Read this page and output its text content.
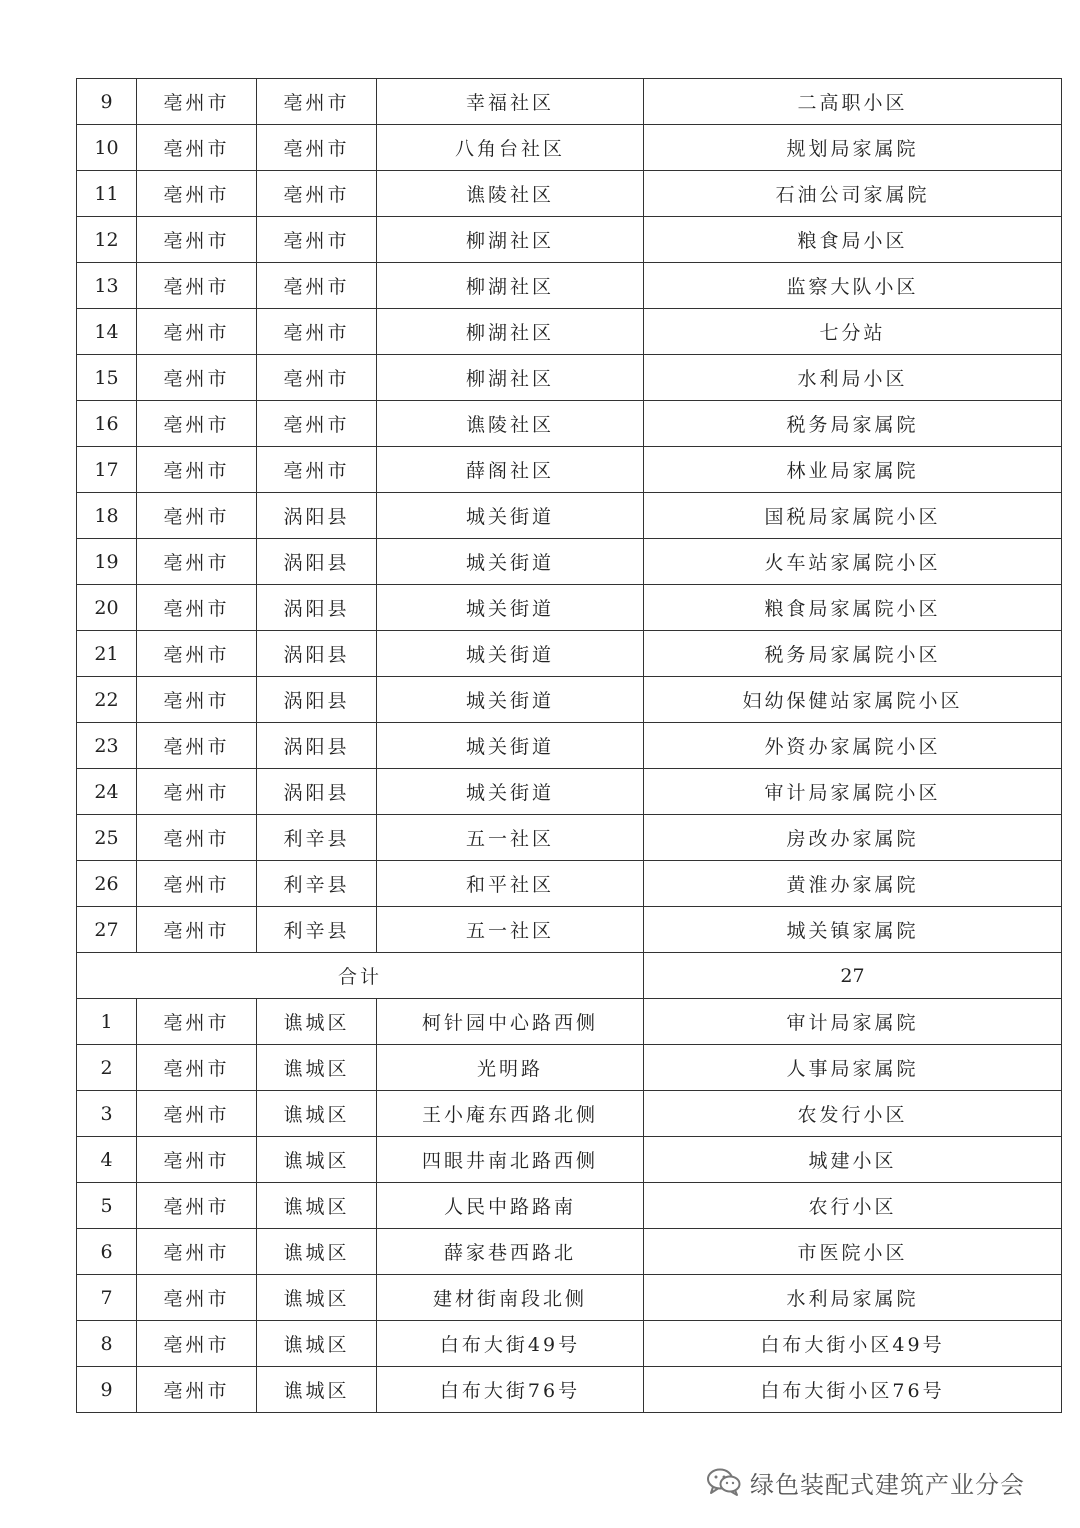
9	亳州市	亳州市	幸福社区	二高职小区
10	亳州市	亳州市	八角台社区	规划局家属院
11	亳州市	亳州市	谯陵社区	石油公司家属院
12	亳州市	亳州市	柳湖社区	粮食局小区
13	亳州市	亳州市	柳湖社区	监察大队小区
14	亳州市	亳州市	柳湖社区	七分站
15	亳州市	亳州市	柳湖社区	水利局小区
16	亳州市	亳州市	谯陵社区	税务局家属院
17	亳州市	亳州市	薛阁社区	林业局家属院
18	亳州市	涡阳县	城关街道	国税局家属院小区
19	亳州市	涡阳县	城关街道	火车站家属院小区
20	亳州市	涡阳县	城关街道	粮食局家属院小区
21	亳州市	涡阳县	城关街道	税务局家属院小区
22	亳州市	涡阳县	城关街道	妇幼保健站家属院小区
23	亳州市	涡阳县	城关街道	外资办家属院小区
24	亳州市	涡阳县	城关街道	审计局家属院小区
25	亳州市	利辛县	五一社区	房改办家属院
26	亳州市	利辛县	和平社区	黄淮办家属院
27	亳州市	利辛县	五一社区	城关镇家属院
合计				27
1	亳州市	谯城区	柯针园中心路西侧	审计局家属院
2	亳州市	谯城区	光明路	人事局家属院
3	亳州市	谯城区	王小庵东西路北侧	农发行小区
4	亳州市	谯城区	四眼井南北路西侧	城建小区
5	亳州市	谯城区	人民中路路南	农行小区
6	亳州市	谯城区	薛家巷西路北	市医院小区
7	亳州市	谯城区	建材街南段北侧	水利局家属院
8	亳州市	谯城区	白布大街49号	白布大街小区49号
9	亳州市	谯城区	白布大街76号	白布大街小区76号
绿色装配式建筑产业分会
